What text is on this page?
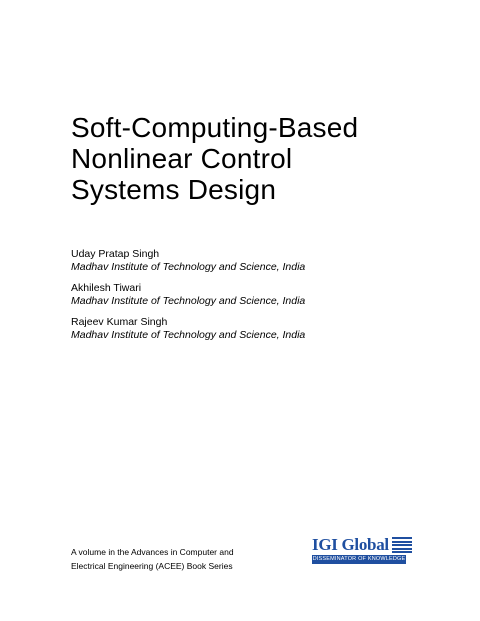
Soft-Computing-Based
Nonlinear Control
Systems Design
Uday Pratap Singh
Madhav Institute of Technology and Science, India
Akhilesh Tiwari
Madhav Institute of Technology and Science, India
Rajeev Kumar Singh
Madhav Institute of Technology and Science, India
A volume in the Advances in Computer and
Electrical Engineering (ACEE) Book Series
IGI Global
DISSEMINATOR OF KNOWLEDGE
